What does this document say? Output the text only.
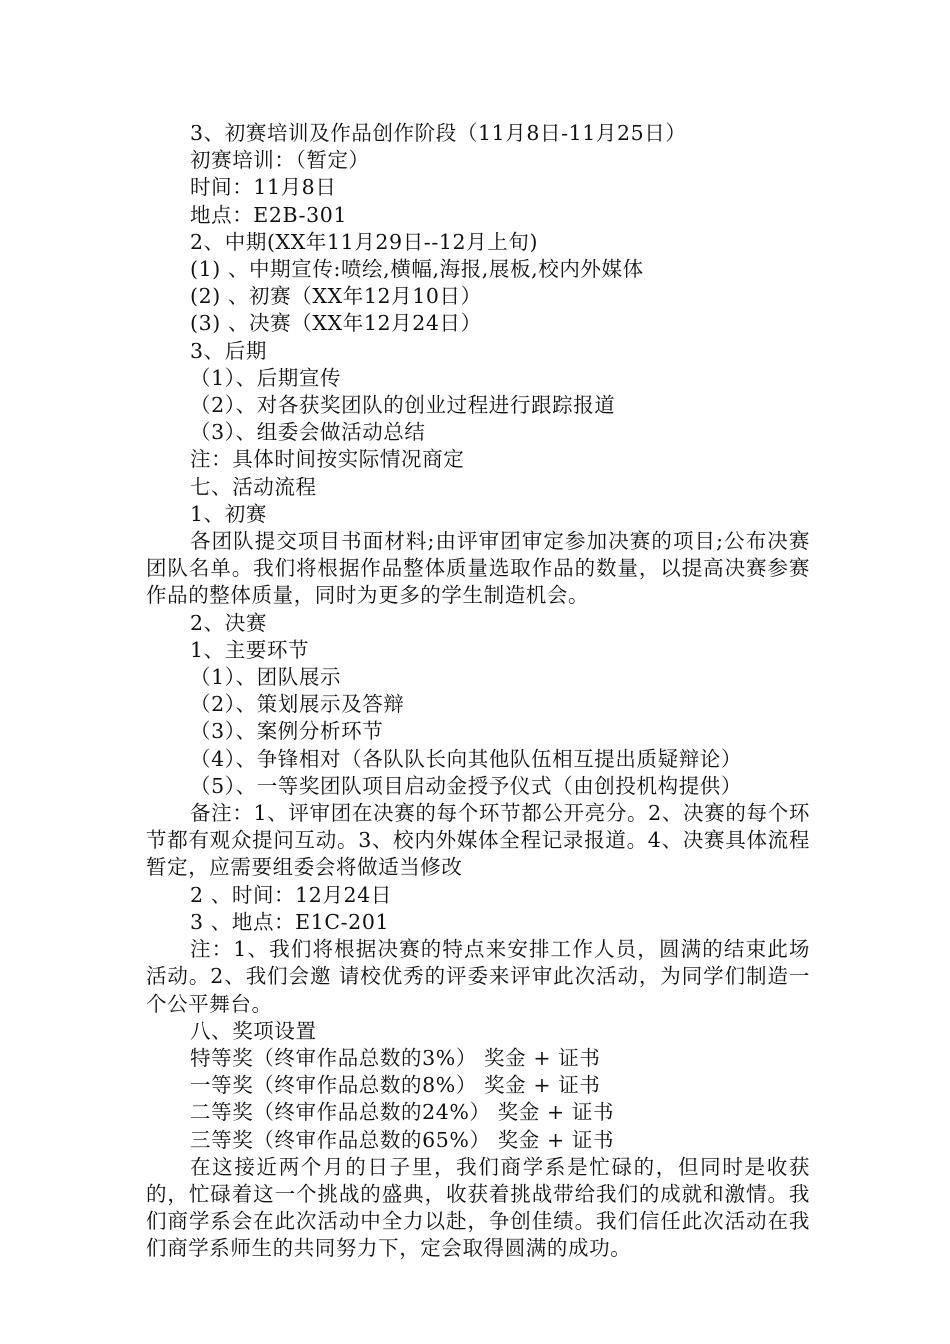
3、初赛培训及作品创作阶段（11月8日-11月25日）

初赛培训：（暂定）

时间：11月8日

地点：E2B-301

2、中期(XX年11月29日--12月上旬)

(1) 、中期宣传:喷绘,横幅,海报,展板,校内外媒体

(2) 、初赛（XX年12月10日）

(3) 、决赛（XX年12月24日）

3、后期

（1）、后期宣传

（2）、对各获奖团队的创业过程进行跟踪报道

（3）、组委会做活动总结

注：具体时间按实际情况商定

七、活动流程

1、初赛

各团队提交项目书面材料;由评审团审定参加决赛的项目;公布决赛团队名单。我们将根据作品整体质量选取作品的数量，以提高决赛参赛作品的整体质量，同时为更多的学生制造机会。

2、决赛

1、主要环节

（1）、团队展示

（2）、策划展示及答辩

（3）、案例分析环节

（4）、争锋相对（各队队长向其他队伍相互提出质疑辩论）

（5）、一等奖团队项目启动金授予仪式（由创投机构提供）

备注：1、评审团在决赛的每个环节都公开亮分。2、决赛的每个环节都有观众提问互动。3、校内外媒体全程记录报道。4、决赛具体流程暂定，应需要组委会将做适当修改

2 、时间：12月24日

3 、地点：E1C-201

注：1、我们将根据决赛的特点来安排工作人员，圆满的结束此场活动。2、我们会邀 请校优秀的评委来评审此次活动，为同学们制造一个公平舞台。

八、奖项设置

特等奖（终审作品总数的3%） 奖金 + 证书

一等奖（终审作品总数的8%） 奖金 + 证书

二等奖（终审作品总数的24%） 奖金 + 证书

三等奖（终审作品总数的65%） 奖金 + 证书

在这接近两个月的日子里，我们商学系是忙碌的，但同时是收获的，忙碌着这一个挑战的盛典，收获着挑战带给我们的成就和激情。我们商学系会在此次活动中全力以赴，争创佳绩。我们信任此次活动在我们商学系师生的共同努力下，定会取得圆满的成功。
